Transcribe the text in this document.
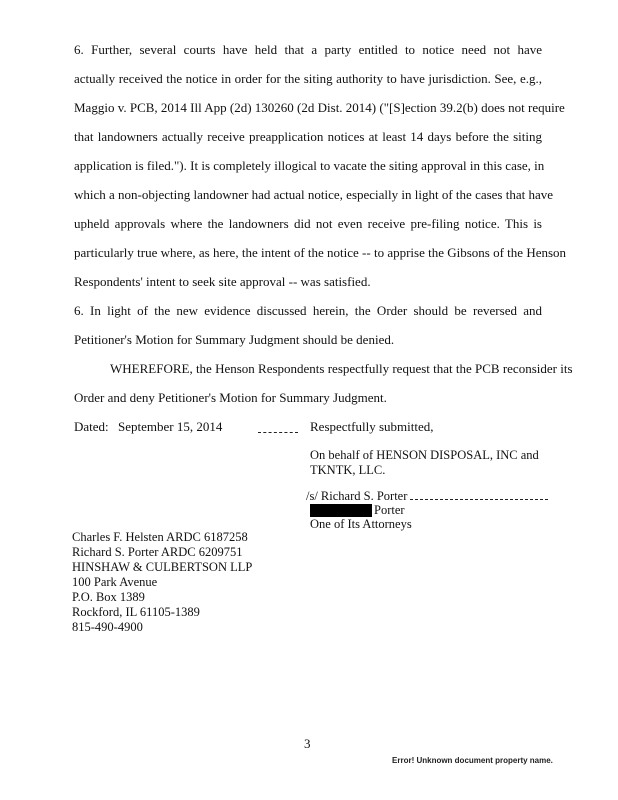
6. Further, several courts have held that a party entitled to notice need not have
actually received the notice in order for the siting authority to have jurisdiction. See, e.g.,
Maggio v. PCB, 2014 Ill App (2d) 130260 (2d Dist. 2014) ("[S]ection 39.2(b) does not require
that landowners actually receive preapplication notices at least 14 days before the siting
application is filed."). It is completely illogical to vacate the siting approval in this case, in
which a non-objecting landowner had actual notice, especially in light of the cases that have
upheld approvals where the landowners did not even receive pre-filing notice. This is
particularly true where, as here, the intent of the notice -- to apprise the Gibsons of the Henson
Respondents' intent to seek site approval -- was satisfied.
6. In light of the new evidence discussed herein, the Order should be reversed and
Petitioner's Motion for Summary Judgment should be denied.
WHEREFORE, the Henson Respondents respectfully request that the PCB reconsider its
Order and deny Petitioner's Motion for Summary Judgment.
Dated: September 15, 2014	Respectfully submitted,
On behalf of HENSON DISPOSAL, INC and
TKNTK, LLC.
/s/ Richard S. Porter
Porter
One of Its Attorneys
Charles F. Helsten ARDC 6187258
Richard S. Porter ARDC 6209751
HINSHAW & CULBERTSON LLP
100 Park Avenue
P.O. Box 1389
Rockford, IL 61105-1389
815-490-4900
3
Error! Unknown document property name.
